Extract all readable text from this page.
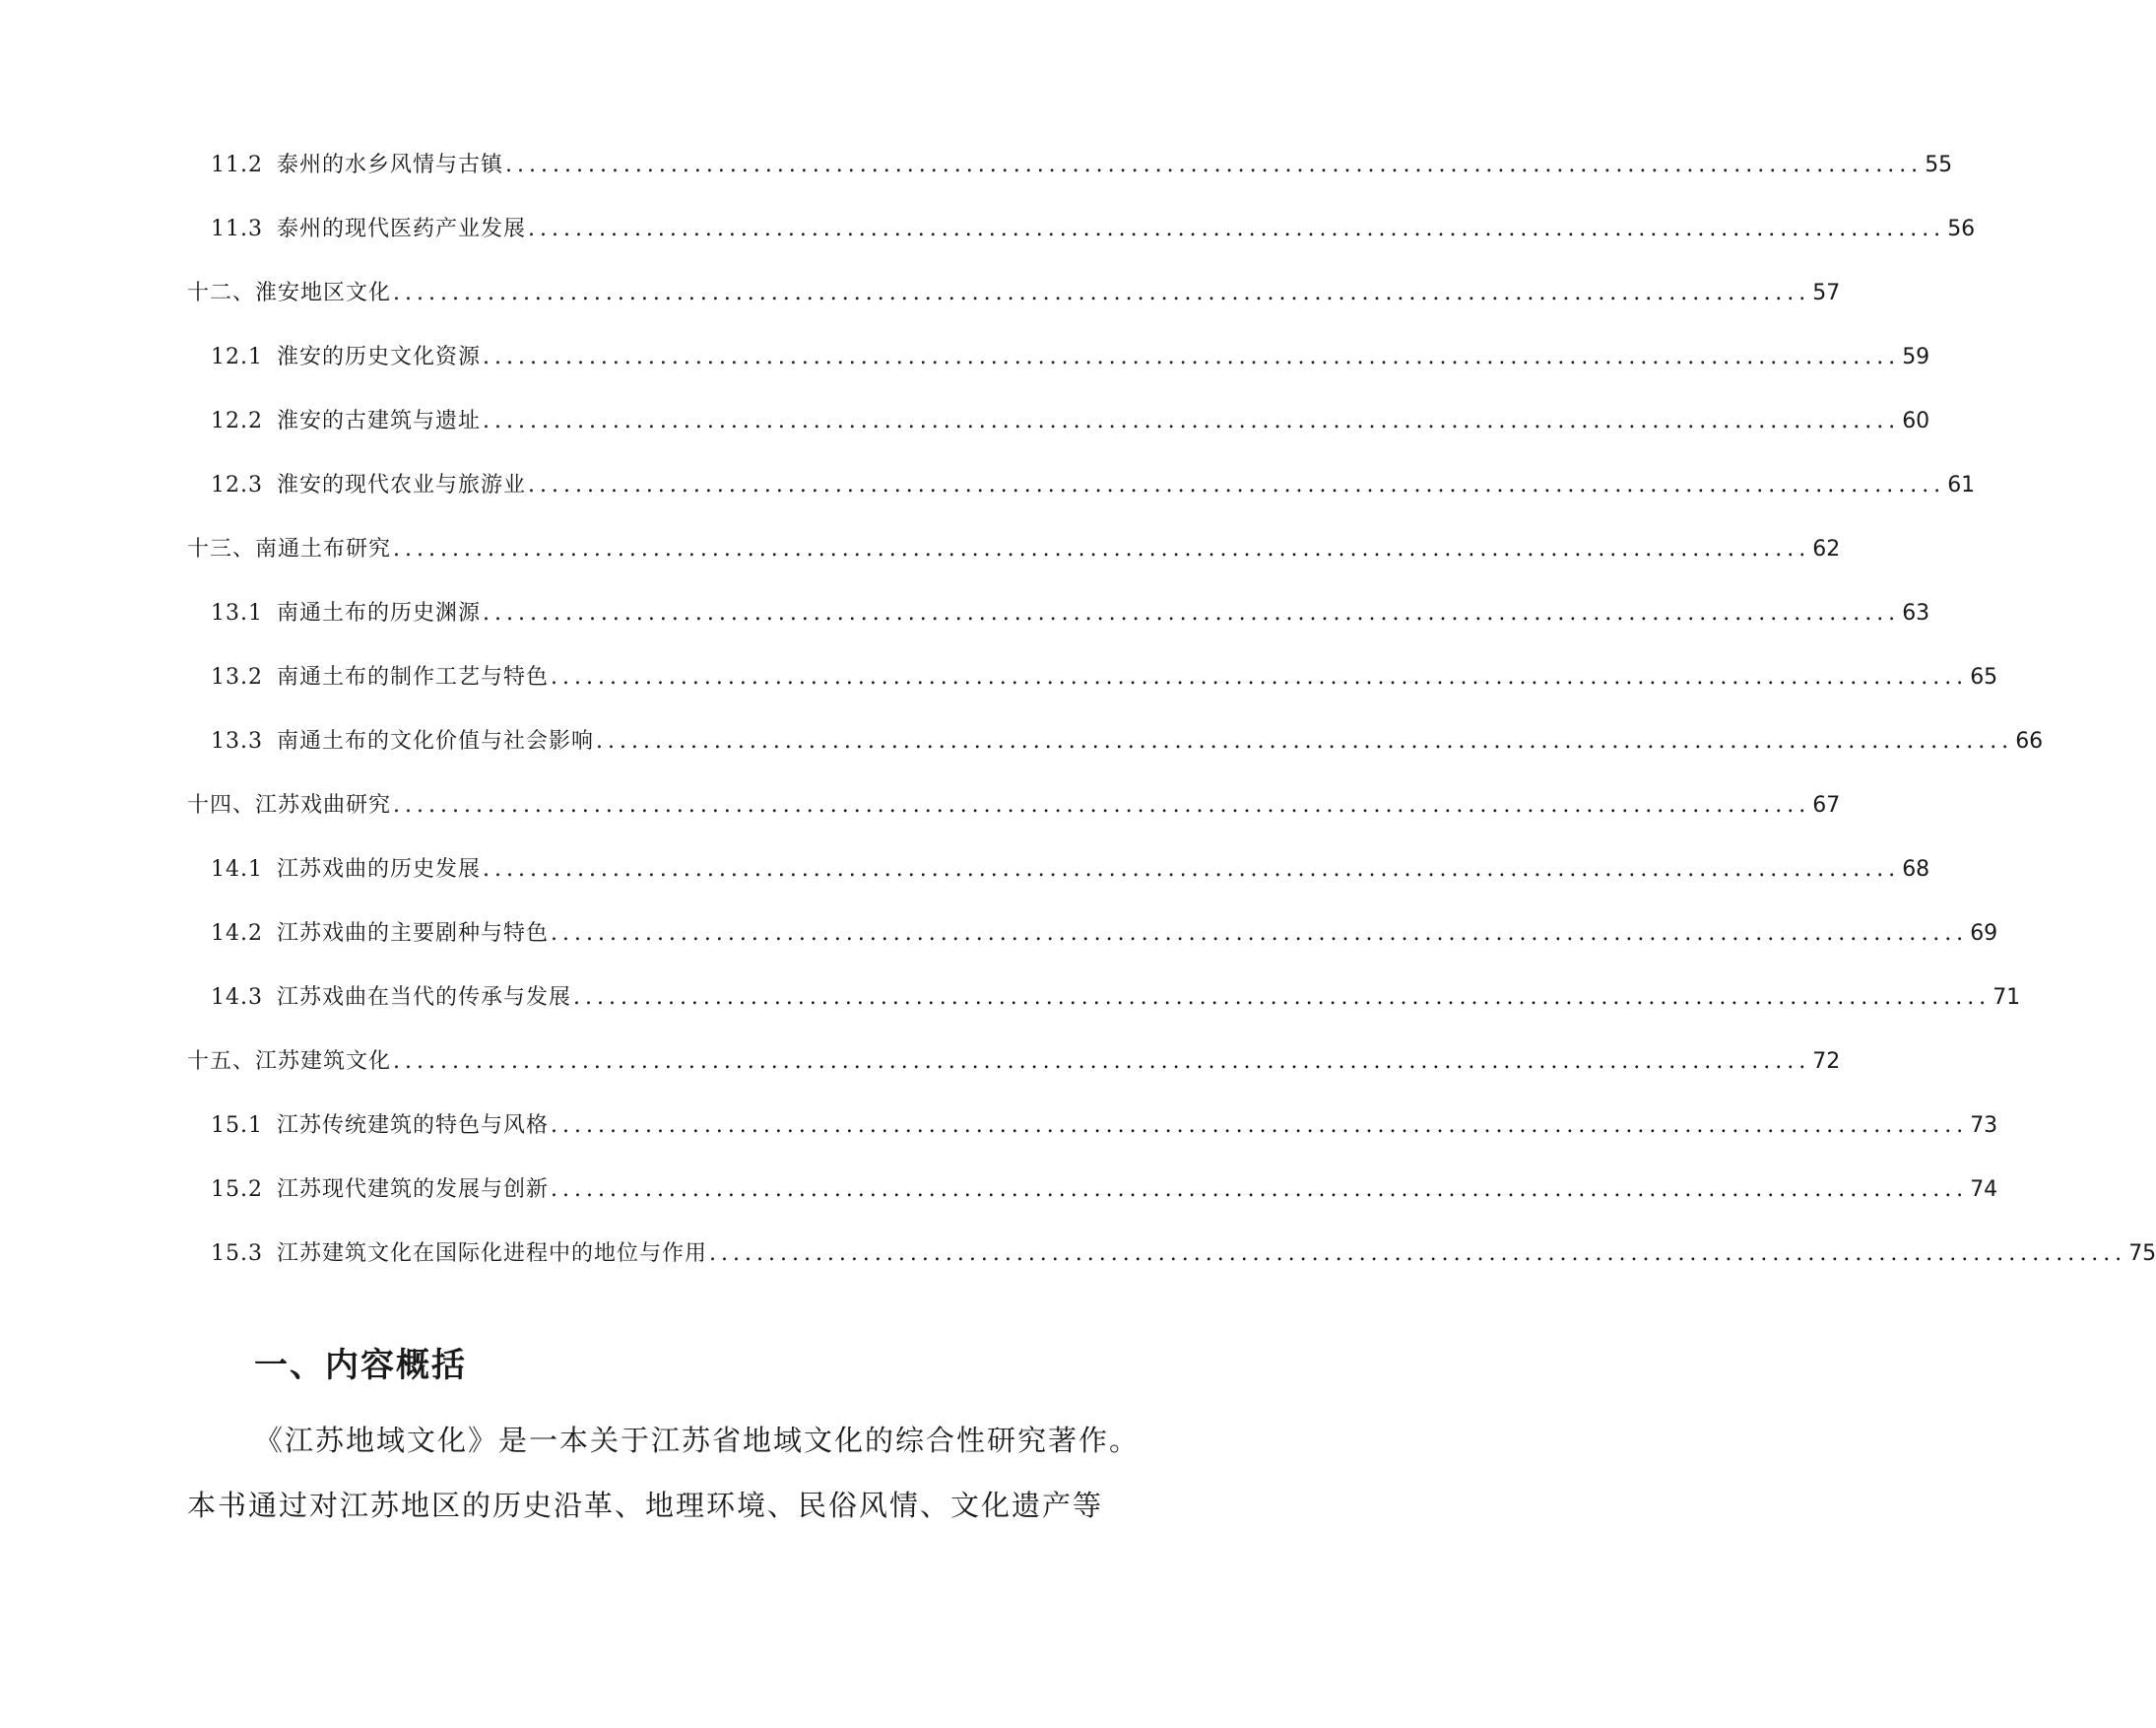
11.2 泰州的水乡风情与古镇 ........................................................................................................................ 55
11.3 泰州的现代医药产业发展 ........................................................................................................................ 56
十二、淮安地区文化 ........................................................................................................................ 57
12.1 淮安的历史文化资源 ........................................................................................................................ 59
12.2 淮安的古建筑与遗址 ........................................................................................................................ 60
12.3 淮安的现代农业与旅游业 ........................................................................................................................ 61
十三、南通土布研究 ........................................................................................................................ 62
13.1 南通土布的历史渊源 ........................................................................................................................ 63
13.2 南通土布的制作工艺与特色 ........................................................................................................................ 65
13.3 南通土布的文化价值与社会影响 ........................................................................................................................ 66
十四、江苏戏曲研究 ........................................................................................................................ 67
14.1 江苏戏曲的历史发展 ........................................................................................................................ 68
14.2 江苏戏曲的主要剧种与特色 ........................................................................................................................ 69
14.3 江苏戏曲在当代的传承与发展 ........................................................................................................................ 71
十五、江苏建筑文化 ........................................................................................................................ 72
15.1 江苏传统建筑的特色与风格 ........................................................................................................................ 73
15.2 江苏现代建筑的发展与创新 ........................................................................................................................ 74
15.3 江苏建筑文化在国际化进程中的地位与作用 ........................................................................................................................ 75
一、内容概括
《江苏地域文化》是一本关于江苏省地域文化的综合性研究著作。
本书通过对江苏地区的历史沿革、地理环境、民俗风情、文化遗产等
